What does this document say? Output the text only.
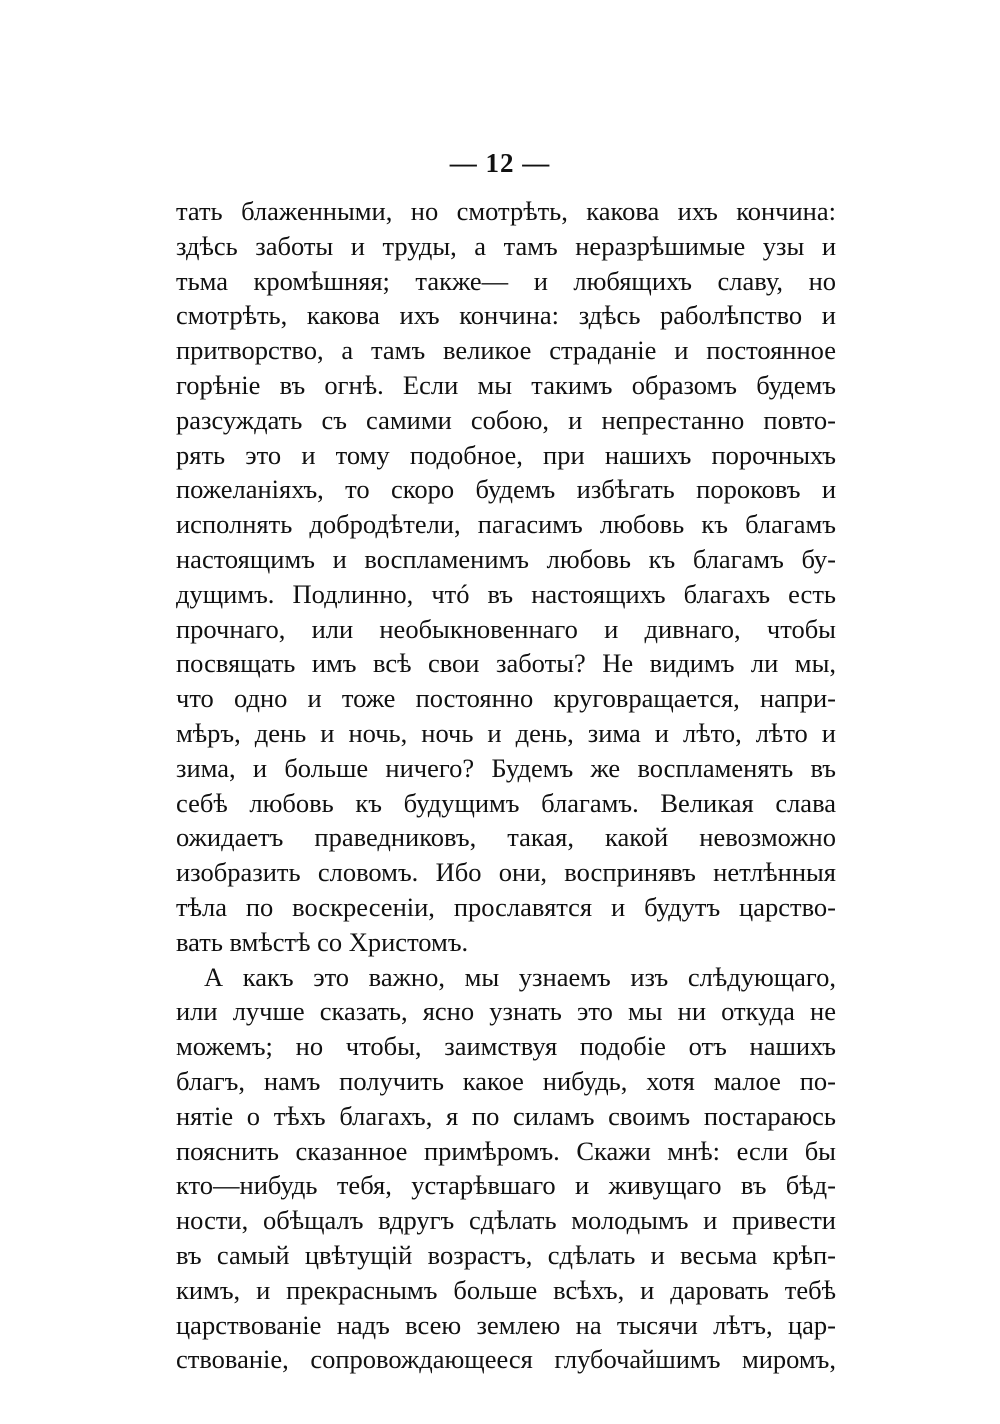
— 12 —
тать блаженными, но смотрѣть, какова ихъ кончина:
здѣсь заботы и труды, а тамъ неразрѣшимые узы и
тьма кромѣшняя; также— и любящихъ славу, но
смотрѣть, какова ихъ кончина: здѣсь раболѣпство и
притворство, а тамъ великое страданіе и постоянное
горѣніе въ огнѣ. Если мы такимъ образомъ будемъ
разсуждать съ самими собою, и непрестанно повто-
рять это и тому подобное, при нашихъ порочныхъ
пожеланіяхъ, то скоро будемъ избѣгать пороковъ и
исполнять добродѣтели, пагасимъ любовь къ благамъ
настоящимъ и воспламенимъ любовь къ благамъ бу-
дущимъ. Подлинно, чтó въ настоящихъ благахъ есть
прочнаго, или необыкновеннаго и дивнаго, чтобы
посвящать имъ всѣ свои заботы? Не видимъ ли мы,
что одно и тоже постоянно круговращается, напри-
мѣръ, день и ночь, ночь и день, зима и лѣто, лѣто и
зима, и больше ничего? Будемъ же воспламенять въ
себѣ любовь къ будущимъ благамъ. Великая слава
ожидаетъ праведниковъ, такая, какой невозможно
изобразить словомъ. Ибо они, воспринявъ нетлѣнныя
тѣла по воскресеніи, прославятся и будутъ царство-
вать вмѣстѣ со Христомъ.
А какъ это важно, мы узнаемъ изъ слѣдующаго,
или лучше сказать, ясно узнать это мы ни откуда не
можемъ; но чтобы, заимствуя подобіе отъ нашихъ
благъ, намъ получить какое нибудь, хотя малое по-
нятіе о тѣхъ благахъ, я по силамъ своимъ постараюсь
пояснить сказанное примѣромъ. Скажи мнѣ: если бы
кто—нибудь тебя, устарѣвшаго и живущаго въ бѣд-
ности, обѣщалъ вдругъ сдѣлать молодымъ и привести
въ самый цвѣтущій возрастъ, сдѣлать и весьма крѣп-
кимъ, и прекраснымъ больше всѣхъ, и даровать тебѣ
царствованіе надъ всею землею на тысячи лѣтъ, цар-
ствованіе, сопровождающееся глубочайшимъ миромъ,
